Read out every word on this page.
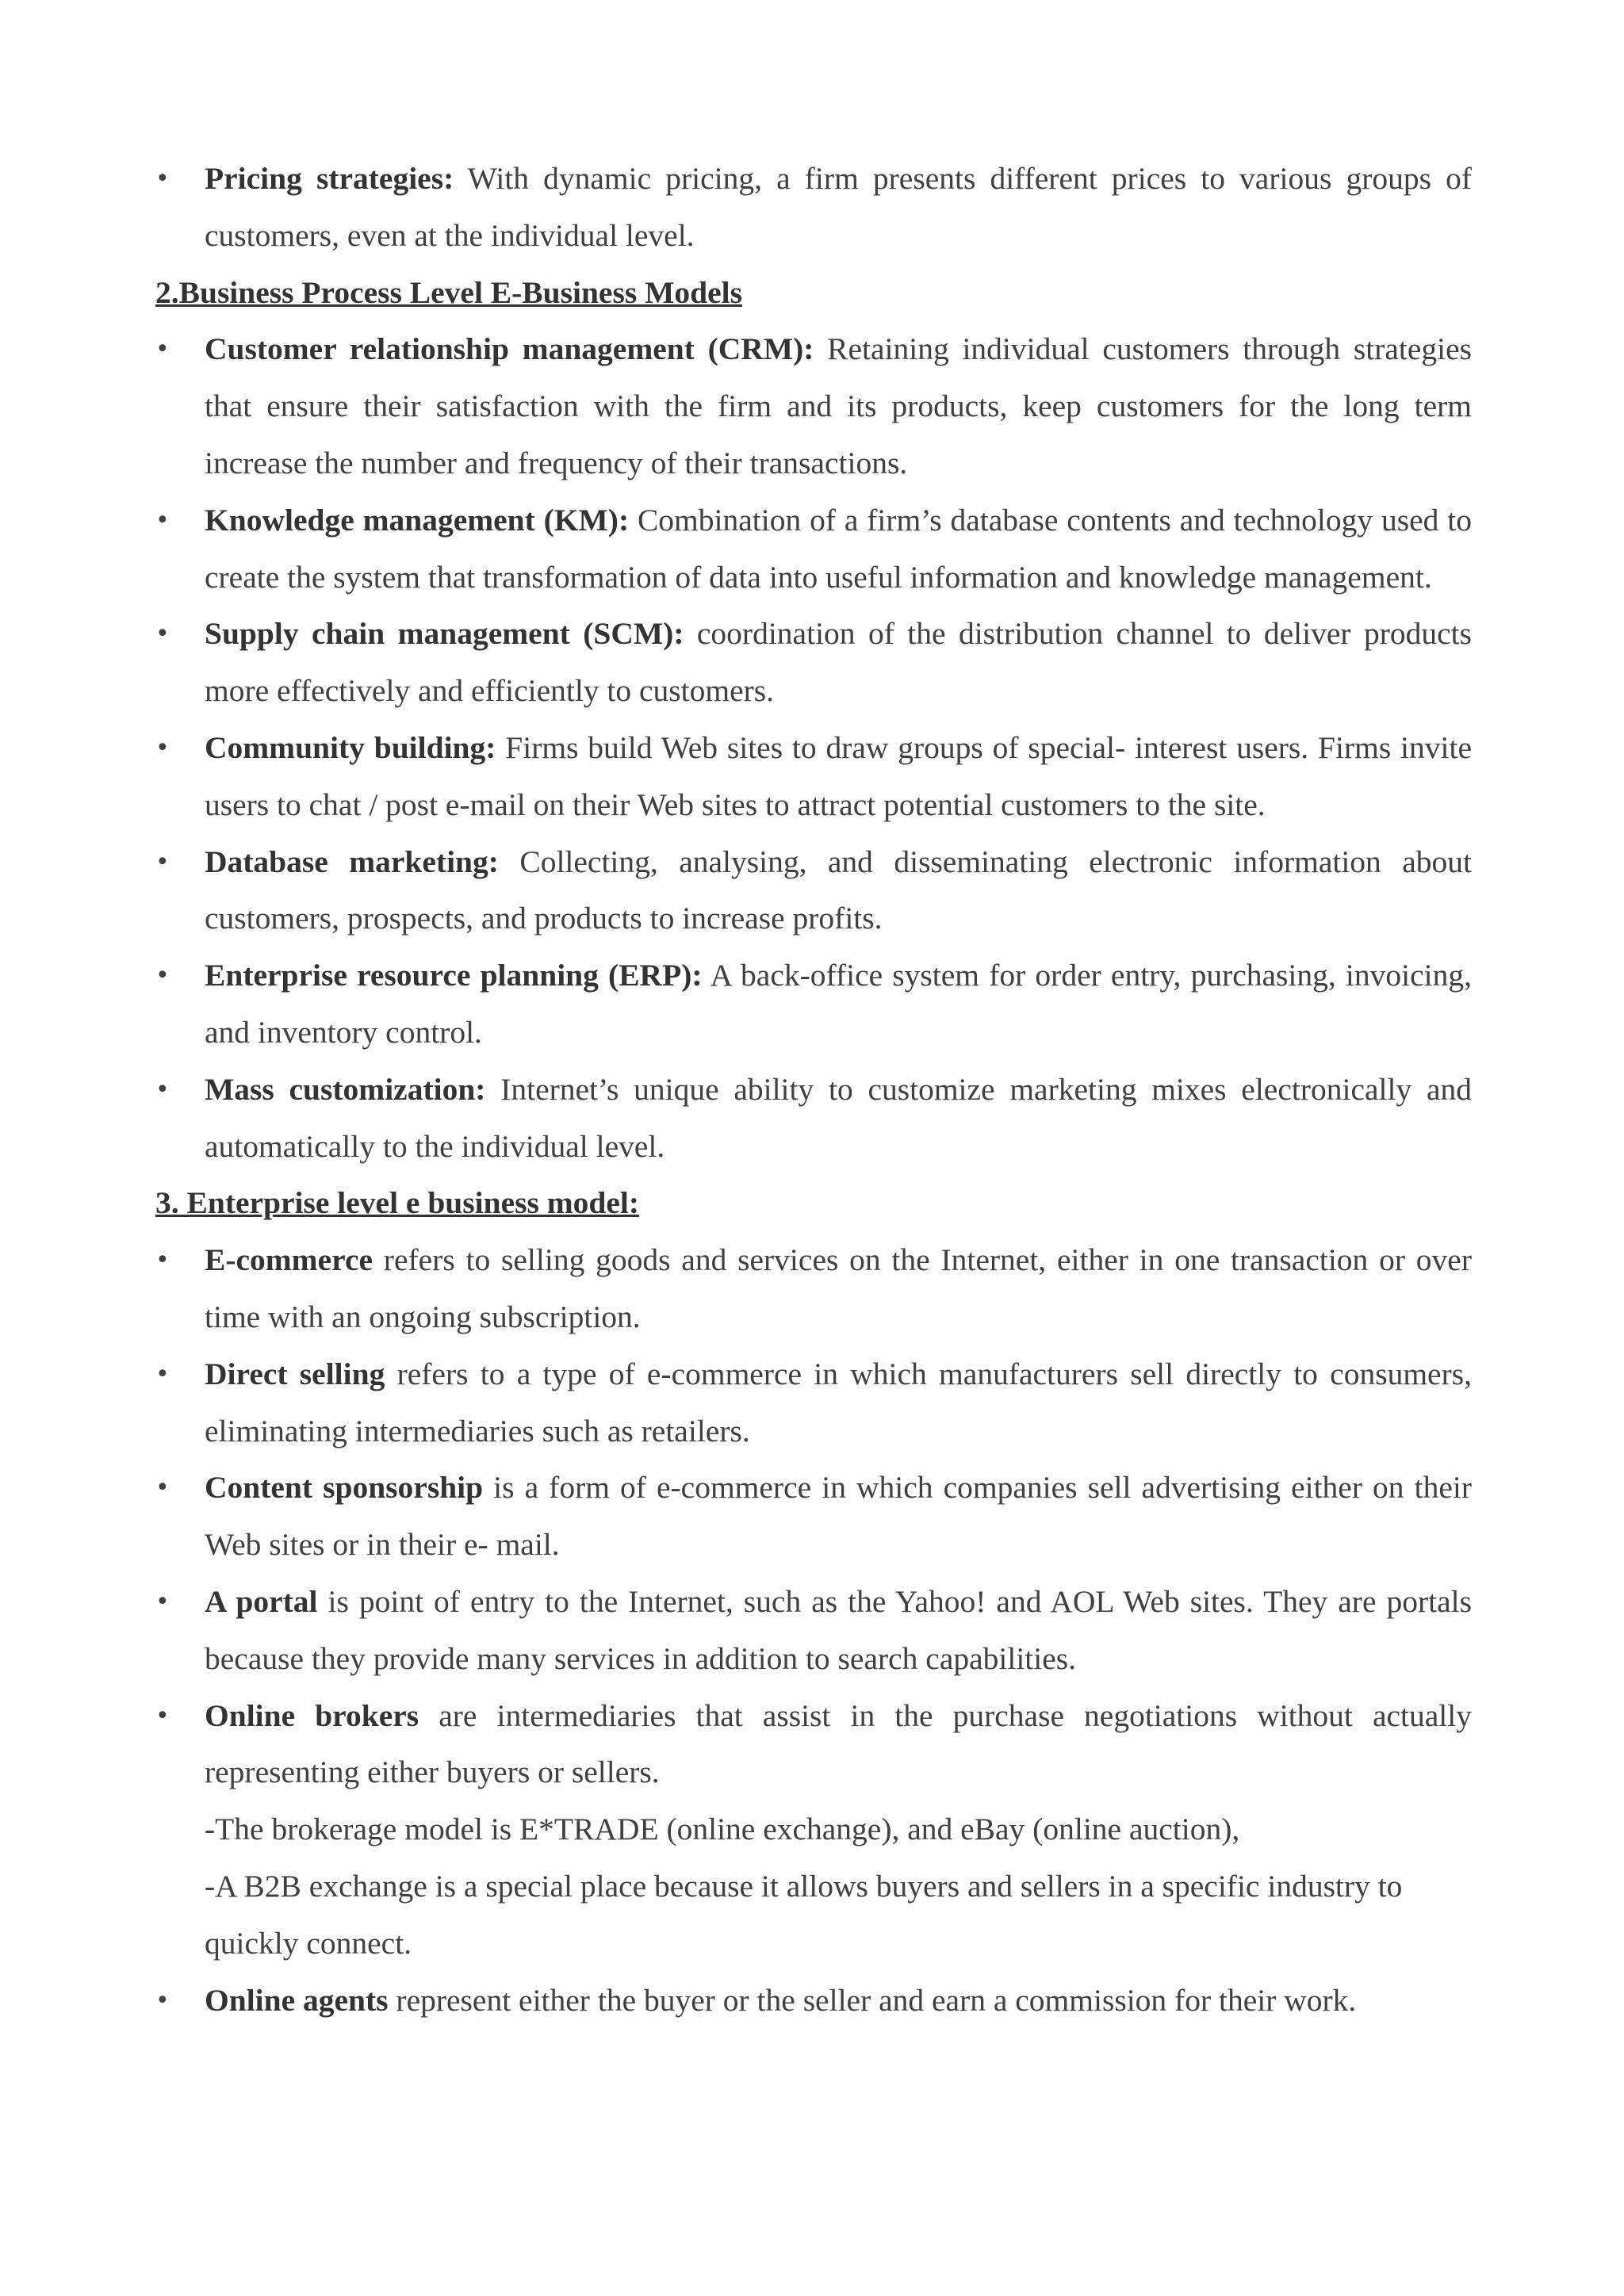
•	Pricing strategies: With dynamic pricing, a firm presents different prices to various groups of customers, even at the individual level.
2.Business Process Level E-Business Models
•	Customer relationship management (CRM): Retaining individual customers through strategies that ensure their satisfaction with the firm and its products, keep customers for the long term increase the number and frequency of their transactions.
•	Knowledge management (KM): Combination of a firm’s database contents and technology used to create the system that transformation of data into useful information and knowledge management.
•	Supply chain management (SCM): coordination of the distribution channel to deliver products more effectively and efficiently to customers.
•	Community building: Firms build Web sites to draw groups of special- interest users. Firms invite users to chat / post e-mail on their Web sites to attract potential customers to the site.
•	Database marketing: Collecting, analysing, and disseminating electronic information about customers, prospects, and products to increase profits.
•	Enterprise resource planning (ERP): A back-office system for order entry, purchasing, invoicing, and inventory control.
•	Mass customization: Internet’s unique ability to customize marketing mixes electronically and automatically to the individual level.
3. Enterprise level e business model:
•	E-commerce refers to selling goods and services on the Internet, either in one transaction or over time with an ongoing subscription.
•	Direct selling refers to a type of e-commerce in which manufacturers sell directly to consumers, eliminating intermediaries such as retailers.
•	Content sponsorship is a form of e-commerce in which companies sell advertising either on their Web sites or in their e- mail.
•	A portal is point of entry to the Internet, such as the Yahoo! and AOL Web sites. They are portals because they provide many services in addition to search capabilities.
•	Online brokers are intermediaries that assist in the purchase negotiations without actually representing either buyers or sellers.
-The brokerage model is E*TRADE (online exchange), and eBay (online auction),
-A B2B exchange is a special place because it allows buyers and sellers in a specific industry to quickly connect.
•	Online agents represent either the buyer or the seller and earn a commission for their work.
